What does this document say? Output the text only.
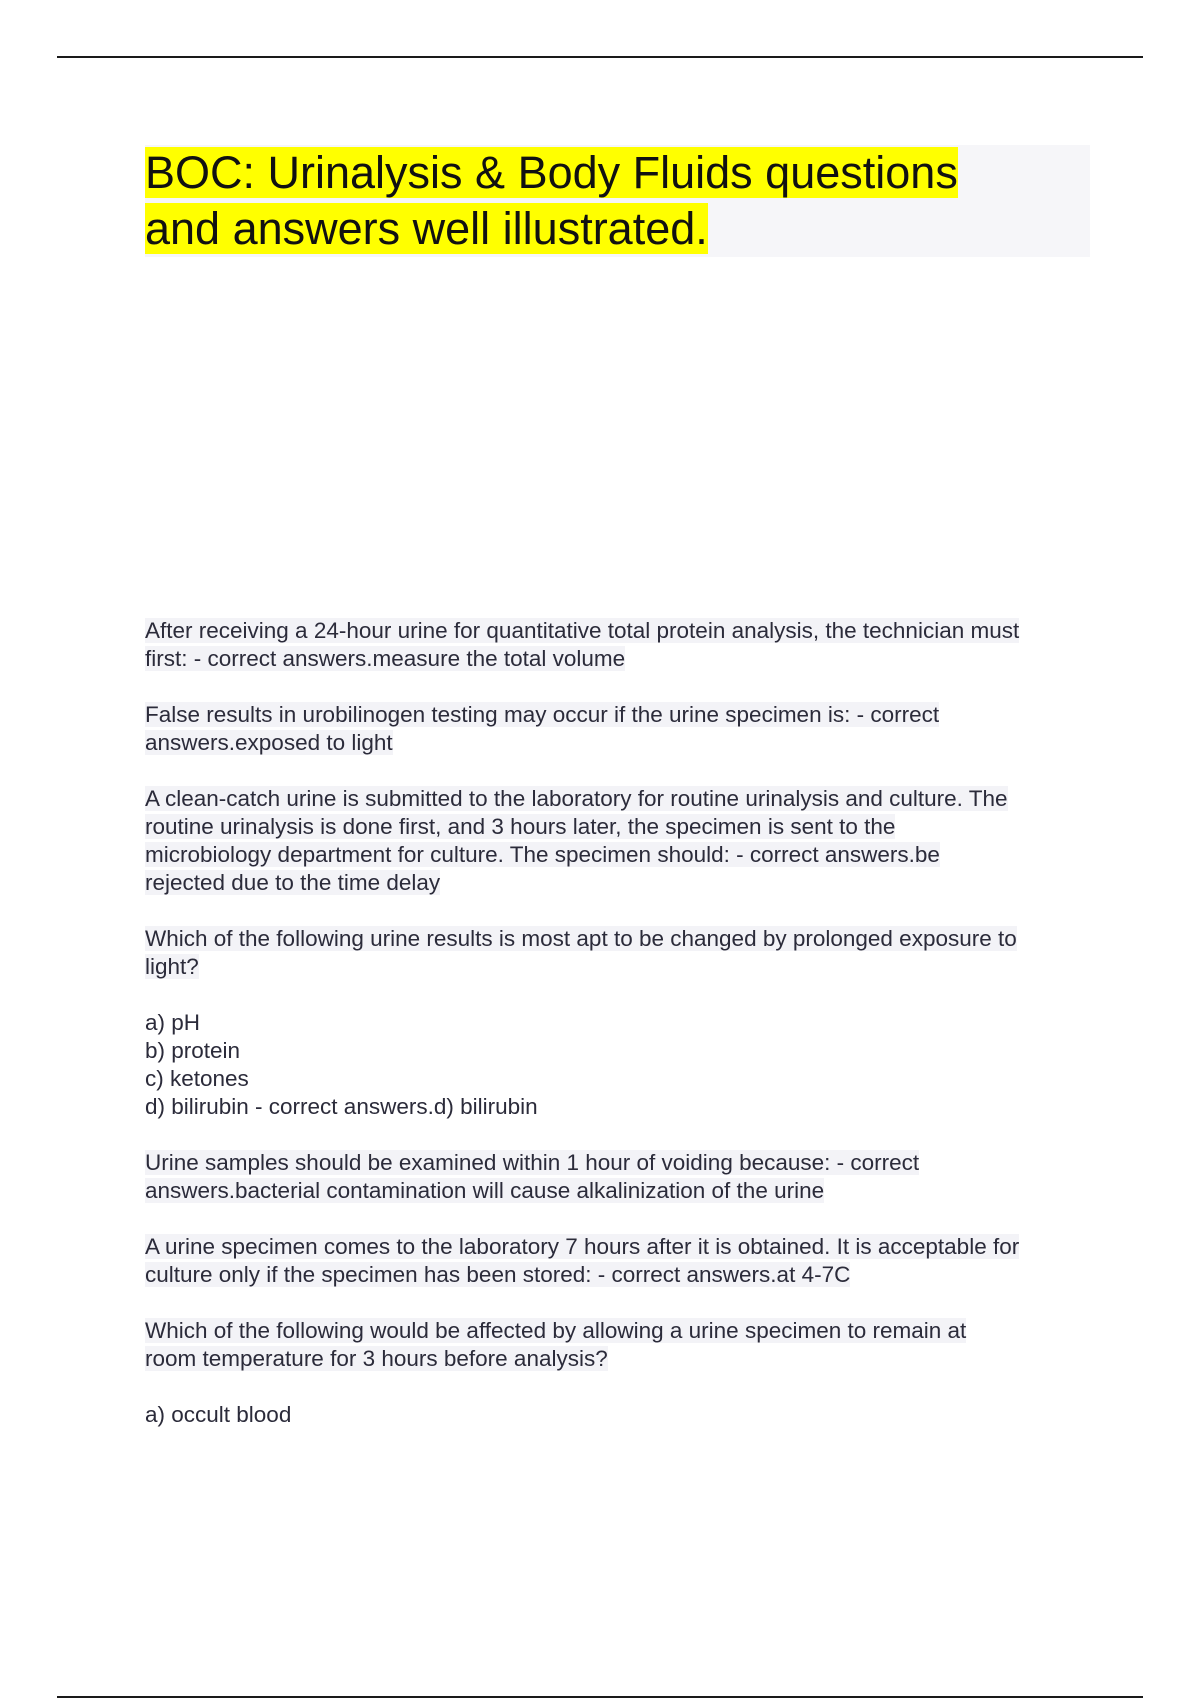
BOC: Urinalysis & Body Fluids questions
and answers well illustrated.
After receiving a 24-hour urine for quantitative total protein analysis, the technician must
first: - correct answers.measure the total volume
False results in urobilinogen testing may occur if the urine specimen is: - correct
answers.exposed to light
A clean-catch urine is submitted to the laboratory for routine urinalysis and culture. The
routine urinalysis is done first, and 3 hours later, the specimen is sent to the
microbiology department for culture. The specimen should: - correct answers.be
rejected due to the time delay
Which of the following urine results is most apt to be changed by prolonged exposure to
light?
a) pH
b) protein
c) ketones
d) bilirubin - correct answers.d) bilirubin
Urine samples should be examined within 1 hour of voiding because: - correct
answers.bacterial contamination will cause alkalinization of the urine
A urine specimen comes to the laboratory 7 hours after it is obtained. It is acceptable for
culture only if the specimen has been stored: - correct answers.at 4-7C
Which of the following would be affected by allowing a urine specimen to remain at
room temperature for 3 hours before analysis?
a) occult blood
